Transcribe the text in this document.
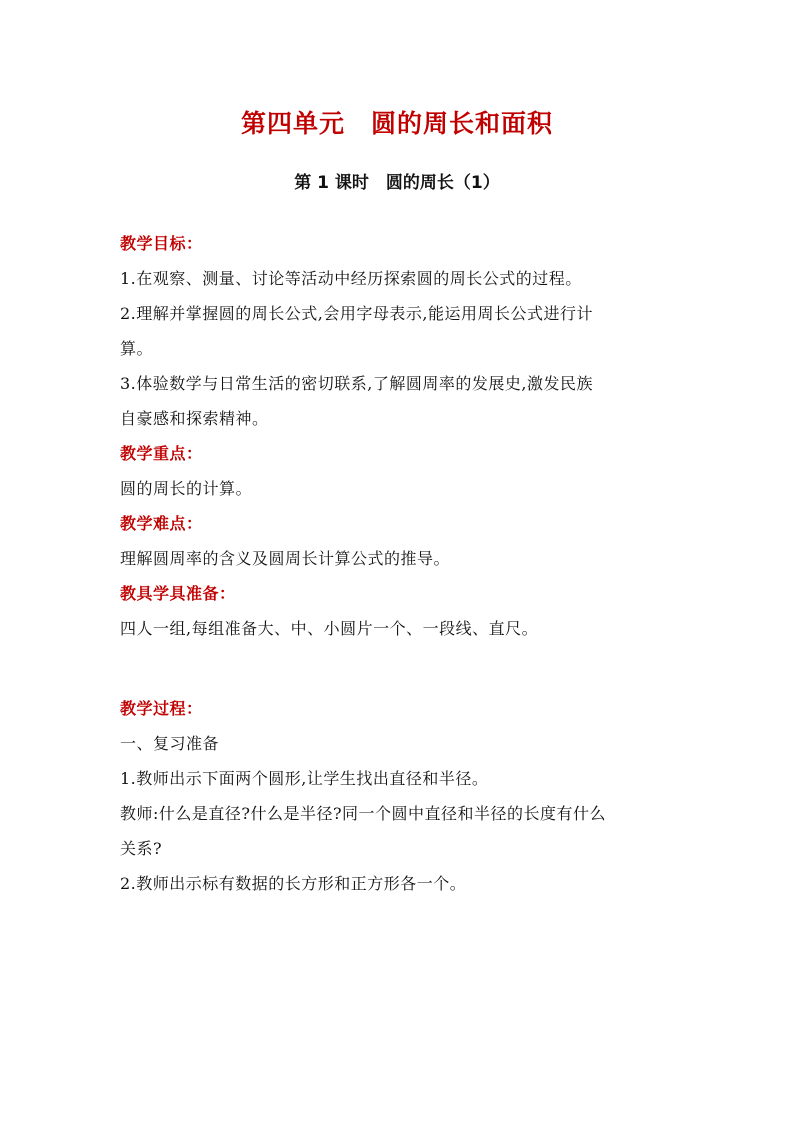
第四单元　圆的周长和面积
第 1 课时　圆的周长（1）
教学目标：
1.在观察、测量、讨论等活动中经历探索圆的周长公式的过程。
2.理解并掌握圆的周长公式,会用字母表示,能运用周长公式进行计
算。
3.体验数学与日常生活的密切联系,了解圆周率的发展史,激发民族
自豪感和探索精神。
教学重点：
圆的周长的计算。
教学难点：
理解圆周率的含义及圆周长计算公式的推导。
教具学具准备：
四人一组,每组准备大、中、小圆片一个、一段线、直尺。
教学过程：
一、复习准备
1.教师出示下面两个圆形,让学生找出直径和半径。
教师:什么是直径?什么是半径?同一个圆中直径和半径的长度有什么
关系?
2.教师出示标有数据的长方形和正方形各一个。
